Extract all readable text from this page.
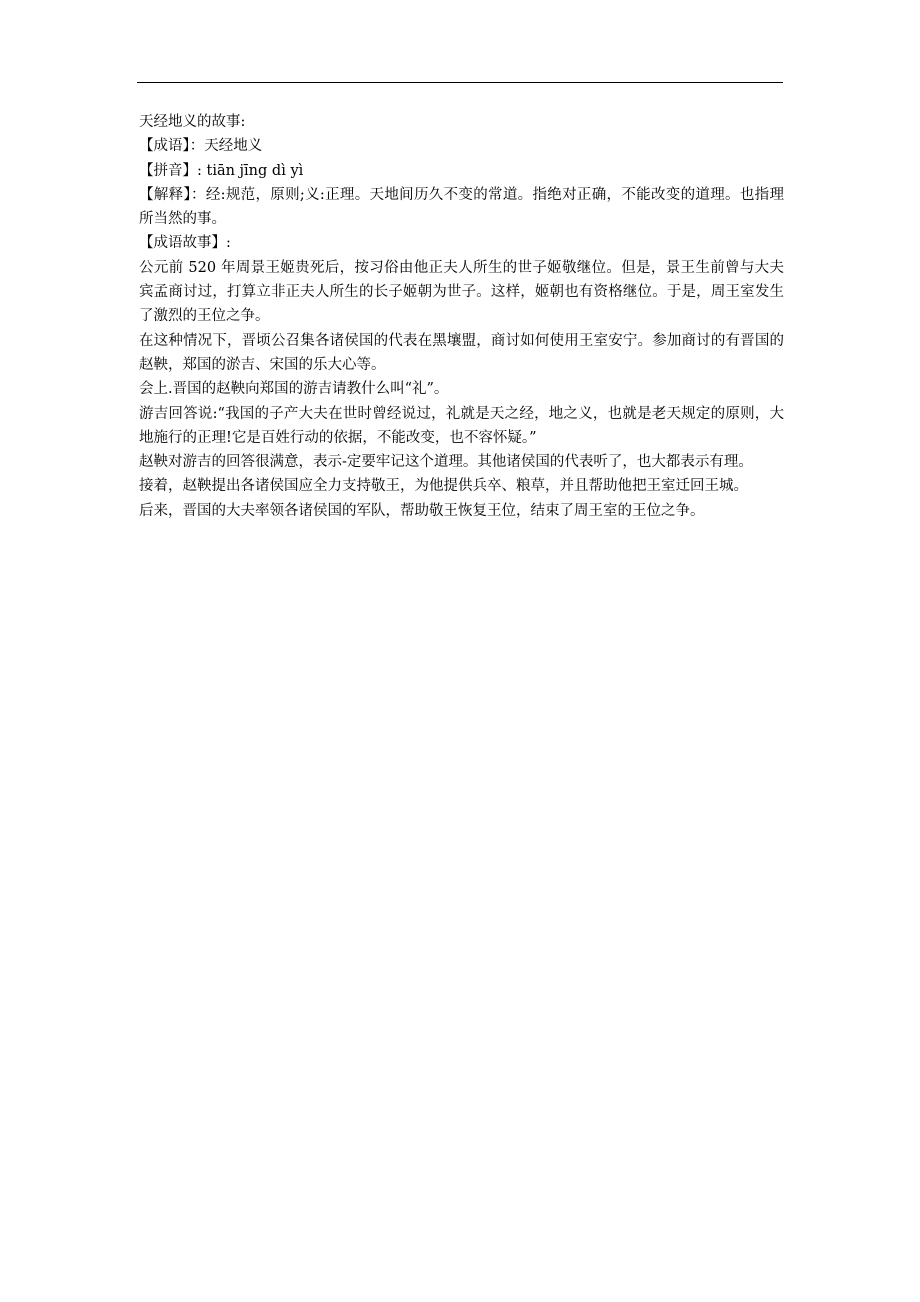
天经地义的故事:

【成语】：天经地义

【拼音】: tiān jīng dì yì

【解释】：经:规范，原则;义:正理。天地间历久不变的常道。指绝对正确，不能改变的道理。也指理所当然的事。

【成语故事】:

公元前 520 年周景王姬贵死后，按习俗由他正夫人所生的世子姬敬继位。但是，景王生前曾与大夫宾孟商讨过，打算立非正夫人所生的长子姬朝为世子。这样，姬朝也有资格继位。于是，周王室发生了激烈的王位之争。

在这种情况下，晋顷公召集各诸侯国的代表在黑壤盟，商讨如何使用王室安宁。参加商讨的有晋国的赵鞅，郑国的淤吉、宋国的乐大心等。

会上.晋国的赵鞅向郑国的游吉请教什么叫“礼”。

游吉回答说:“我国的子产大夫在世时曾经说过，礼就是天之经，地之义，也就是老天规定的原则，大地施行的正理!它是百姓行动的依据，不能改变，也不容怀疑。”

赵鞅对游吉的回答很满意，表示-定要牢记这个道理。其他诸侯国的代表听了，也大都表示有理。

接着，赵鞅提出各诸侯国应全力支持敬王，为他提供兵卒、粮草，并且帮助他把王室迁回王城。

后来，晋国的大夫率领各诸侯国的军队，帮助敬王恢复王位，结束了周王室的王位之争。
